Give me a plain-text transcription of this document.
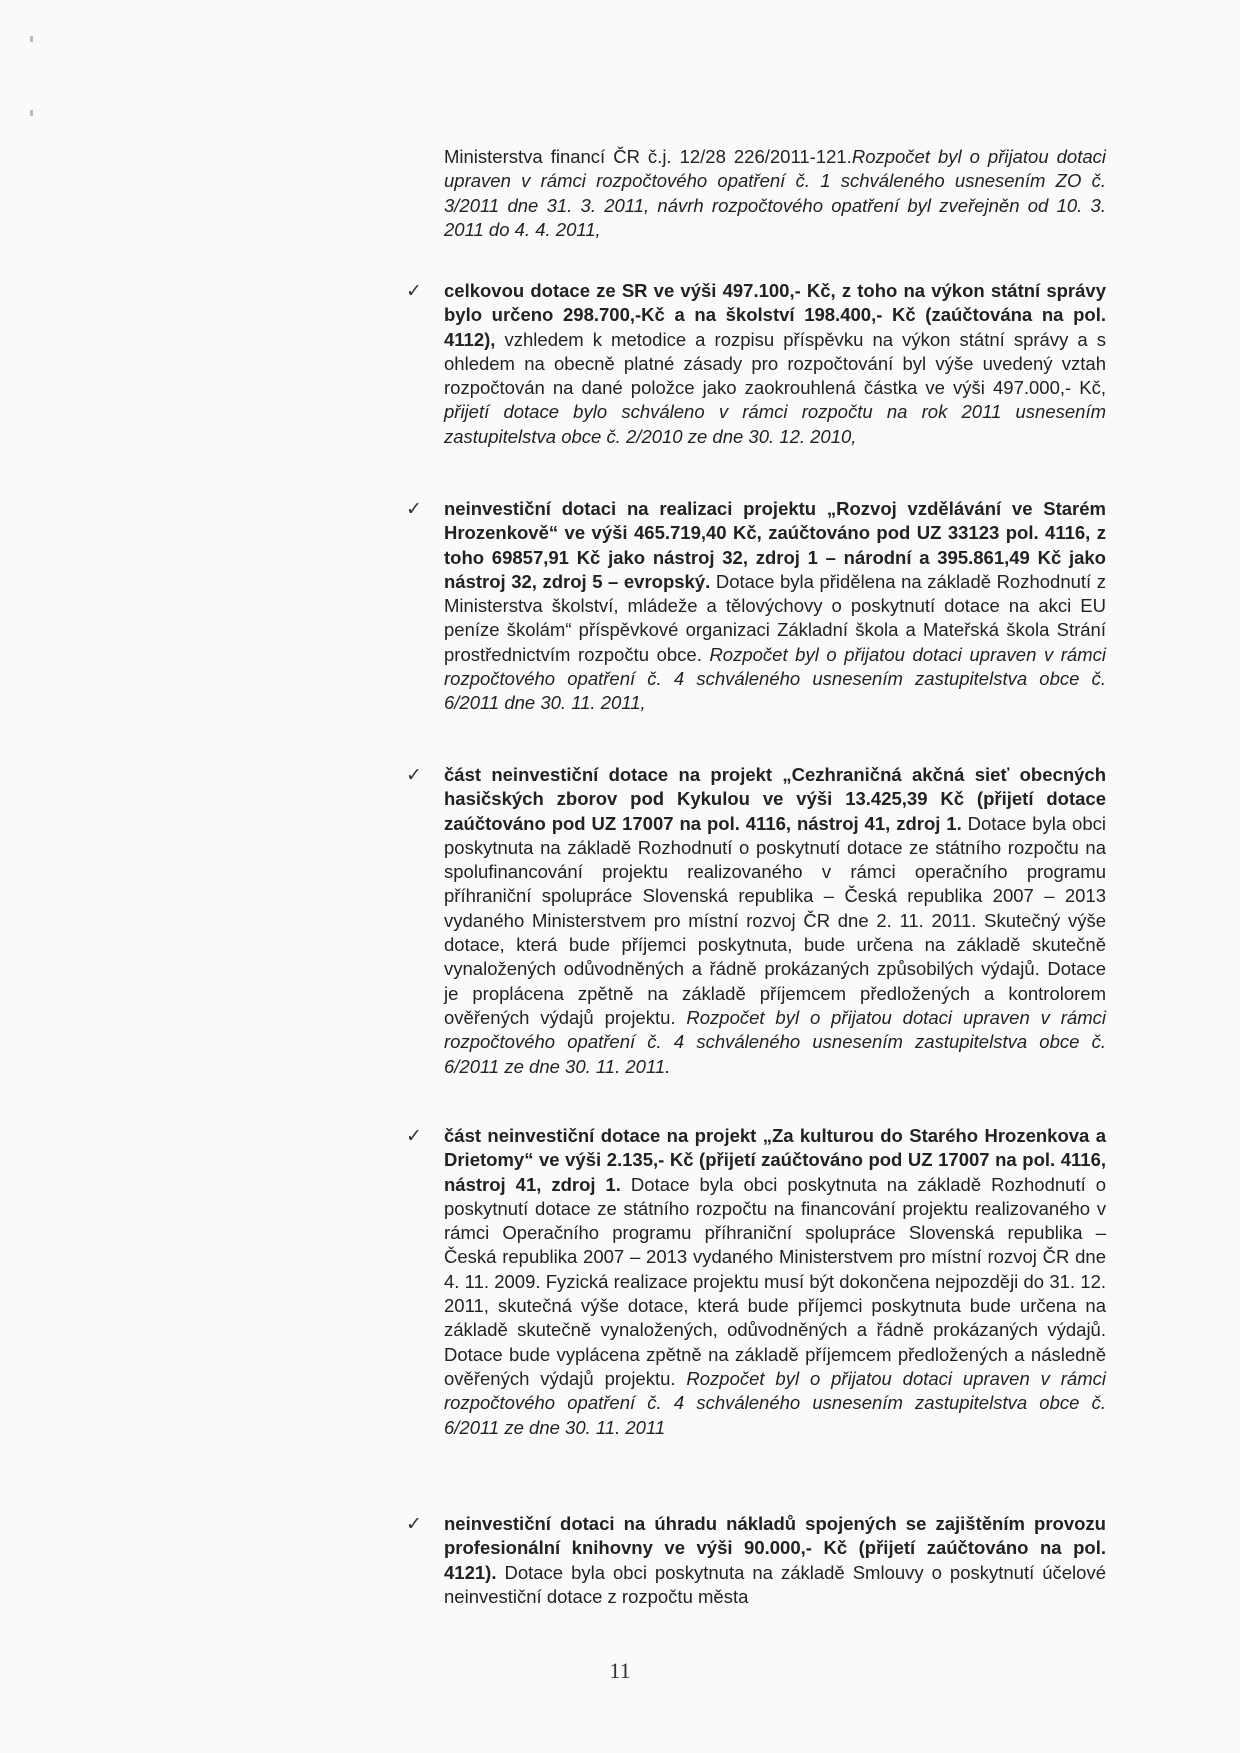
Ministerstva financí ČR č.j. 12/28 226/2011-121.Rozpočet byl o přijatou dotaci upraven v rámci rozpočtového opatření č. 1 schváleného usnesením ZO č. 3/2011 dne 31. 3. 2011, návrh rozpočtového opatření byl zveřejněn od 10. 3. 2011 do 4. 4. 2011,

✓ celkovou dotace ze SR ve výši 497.100,- Kč, z toho na výkon státní správy bylo určeno 298.700,-Kč a na školství 198.400,- Kč (zaúčtována na pol. 4112), vzhledem k metodice a rozpisu příspěvku na výkon státní správy a s ohledem na obecně platné zásady pro rozpočtování byl výše uvedený vztah rozpočtován na dané položce jako zaokrouhlená částka ve výši 497.000,- Kč, přijetí dotace bylo schváleno v rámci rozpočtu na rok 2011 usnesením zastupitelstva obce č. 2/2010 ze dne 30. 12. 2010,

✓ neinvestiční dotaci na realizaci projektu „Rozvoj vzdělávání ve Starém Hrozenkově“ ve výši 465.719,40 Kč, zaúčtováno pod UZ 33123 pol. 4116, z toho 69857,91 Kč jako nástroj 32, zdroj 1 – národní a 395.861,49 Kč jako nástroj 32, zdroj 5 – evropský. Dotace byla přidělena na základě Rozhodnutí z Ministerstva školství, mládeže a tělovýchovy o poskytnutí dotace na akci EU peníze školám“ příspěvkové organizaci Základní škola a Mateřská škola Strání prostřednictvím rozpočtu obce. Rozpočet byl o přijatou dotaci upraven v rámci rozpočtového opatření č. 4 schváleného usnesením zastupitelstva obce č. 6/2011 dne 30. 11. 2011,

✓ část neinvestiční dotace na projekt „Cezhraničná akčná sieť obecných hasičských zborov pod Kykulou ve výši 13.425,39 Kč (přijetí dotace zaúčtováno pod UZ 17007 na pol. 4116, nástroj 41, zdroj 1. Dotace byla obci poskytnuta na základě Rozhodnutí o poskytnutí dotace ze státního rozpočtu na spolufinancování projektu realizovaného v rámci operačního programu příhraniční spolupráce Slovenská republika – Česká republika 2007 – 2013 vydaného Ministerstvem pro místní rozvoj ČR dne 2. 11. 2011. Skutečný výše dotace, která bude příjemci poskytnuta, bude určena na základě skutečně vynaložených odůvodněných a řádně prokázaných způsobilých výdajů. Dotace je proplácena zpětně na základě příjemcem předložených a kontrolorem ověřených výdajů projektu. Rozpočet byl o přijatou dotaci upraven v rámci rozpočtového opatření č. 4 schváleného usnesením zastupitelstva obce č. 6/2011 ze dne 30. 11. 2011.

✓ část neinvestiční dotace na projekt „Za kulturou do Starého Hrozenkova a Drietomy“ ve výši 2.135,- Kč (přijetí zaúčtováno pod UZ 17007 na pol. 4116, nástroj 41, zdroj 1. Dotace byla obci poskytnuta na základě Rozhodnutí o poskytnutí dotace ze státního rozpočtu na financování projektu realizovaného v rámci Operačního programu příhraniční spolupráce Slovenská republika – Česká republika 2007 – 2013 vydaného Ministerstvem pro místní rozvoj ČR dne 4. 11. 2009. Fyzická realizace projektu musí být dokončena nejpozději do 31. 12. 2011, skutečná výše dotace, která bude příjemci poskytnuta bude určena na základě skutečně vynaložených, odůvodněných a řádně prokázaných výdajů. Dotace bude vyplácena zpětně na základě příjemcem předložených a následně ověřených výdajů projektu. Rozpočet byl o přijatou dotaci upraven v rámci rozpočtového opatření č. 4 schváleného usnesením zastupitelstva obce č. 6/2011 ze dne 30. 11. 2011

✓ neinvestiční dotaci na úhradu nákladů spojených se zajištěním provozu profesionální knihovny ve výši 90.000,- Kč (přijetí zaúčtováno na pol. 4121). Dotace byla obci poskytnuta na základě Smlouvy o poskytnutí účelové neinvestiční dotace z rozpočtu města

11
